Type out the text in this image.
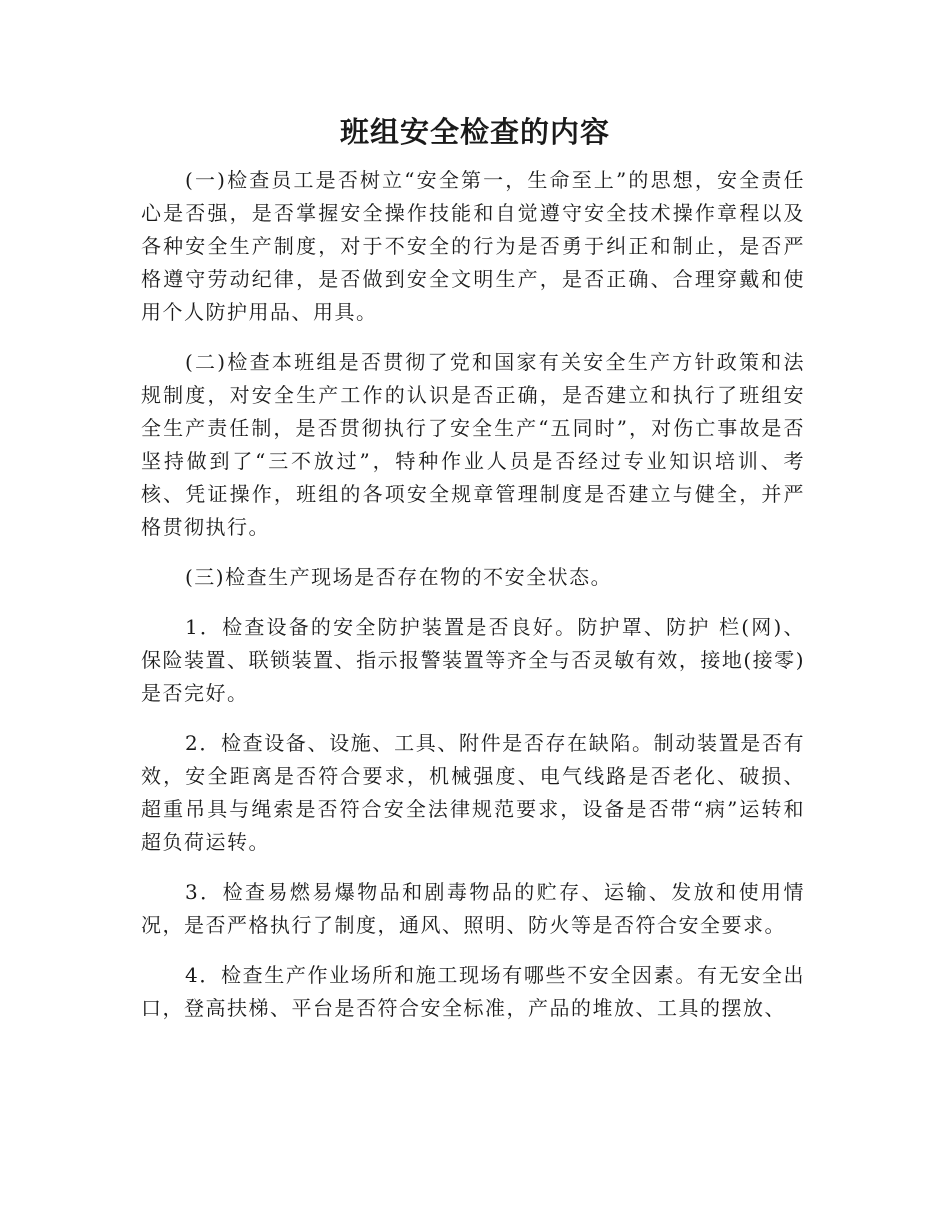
班组安全检查的内容

(一)检查员工是否树立“安全第一，生命至上”的思想，安全责任心是否强，是否掌握安全操作技能和自觉遵守安全技术操作章程以及各种安全生产制度，对于不安全的行为是否勇于纠正和制止，是否严格遵守劳动纪律，是否做到安全文明生产，是否正确、合理穿戴和使用个人防护用品、用具。

(二)检查本班组是否贯彻了党和国家有关安全生产方针政策和法规制度，对安全生产工作的认识是否正确，是否建立和执行了班组安全生产责任制，是否贯彻执行了安全生产“五同时”，对伤亡事故是否坚持做到了“三不放过”，特种作业人员是否经过专业知识培训、考核、凭证操作，班组的各项安全规章管理制度是否建立与健全，并严格贯彻执行。

(三)检查生产现场是否存在物的不安全状态。

1．检查设备的安全防护装置是否良好。防护罩、防护 栏(网)、保险装置、联锁装置、指示报警装置等齐全与否灵敏有效，接地(接零)是否完好。

2．检查设备、设施、工具、附件是否存在缺陷。制动装置是否有效，安全距离是否符合要求，机械强度、电气线路是否老化、破损、超重吊具与绳索是否符合安全法律规范要求，设备是否带“病”运转和超负荷运转。

3．检查易燃易爆物品和剧毒物品的贮存、运输、发放和使用情况，是否严格执行了制度，通风、照明、防火等是否符合安全要求。

4．检查生产作业场所和施工现场有哪些不安全因素。有无安全出口，登高扶梯、平台是否符合安全标准，产品的堆放、工具的摆放、
